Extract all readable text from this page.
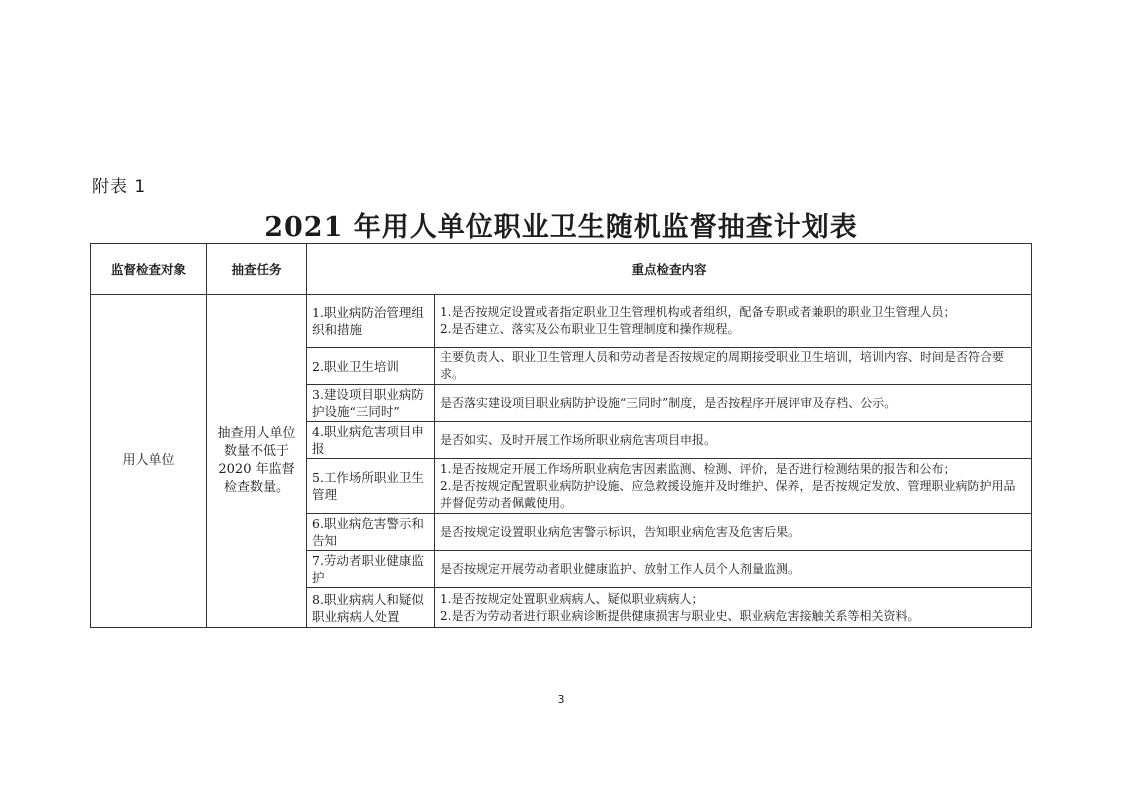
附表 1
2021 年用人单位职业卫生随机监督抽查计划表
监督检查对象	抽查任务	重点检查内容	
用人单位	抽查用人单位数量不低于2020 年监督检查数量。	1.职业病防治管理组织和措施	1.是否按规定设置或者指定职业卫生管理机构或者组织，配备专职或者兼职的职业卫生管理人员；
2.是否建立、落实及公布职业卫生管理制度和操作规程。

		2.职业卫生培训	主要负责人、职业卫生管理人员和劳动者是否按规定的周期接受职业卫生培训，培训内容、时间是否符合要求。

		3.建设项目职业病防护设施“三同时”	是否落实建设项目职业病防护设施“三同时”制度，是否按程序开展评审及存档、公示。

		4.职业病危害项目申报	是否如实、及时开展工作场所职业病危害项目申报。

		5.工作场所职业卫生管理	1.是否按规定开展工作场所职业病危害因素监测、检测、评价，是否进行检测结果的报告和公布；
2.是否按规定配置职业病防护设施、应急救援设施并及时维护、保养，是否按规定发放、管理职业病防护用品并督促劳动者佩戴使用。

		6.职业病危害警示和告知	是否按规定设置职业病危害警示标识，告知职业病危害及危害后果。

		7.劳动者职业健康监护	是否按规定开展劳动者职业健康监护、放射工作人员个人剂量监测。

		8.职业病病人和疑似职业病病人处置	1.是否按规定处置职业病病人、疑似职业病病人；
2.是否为劳动者进行职业病诊断提供健康损害与职业史、职业病危害接触关系等相关资料。
3
